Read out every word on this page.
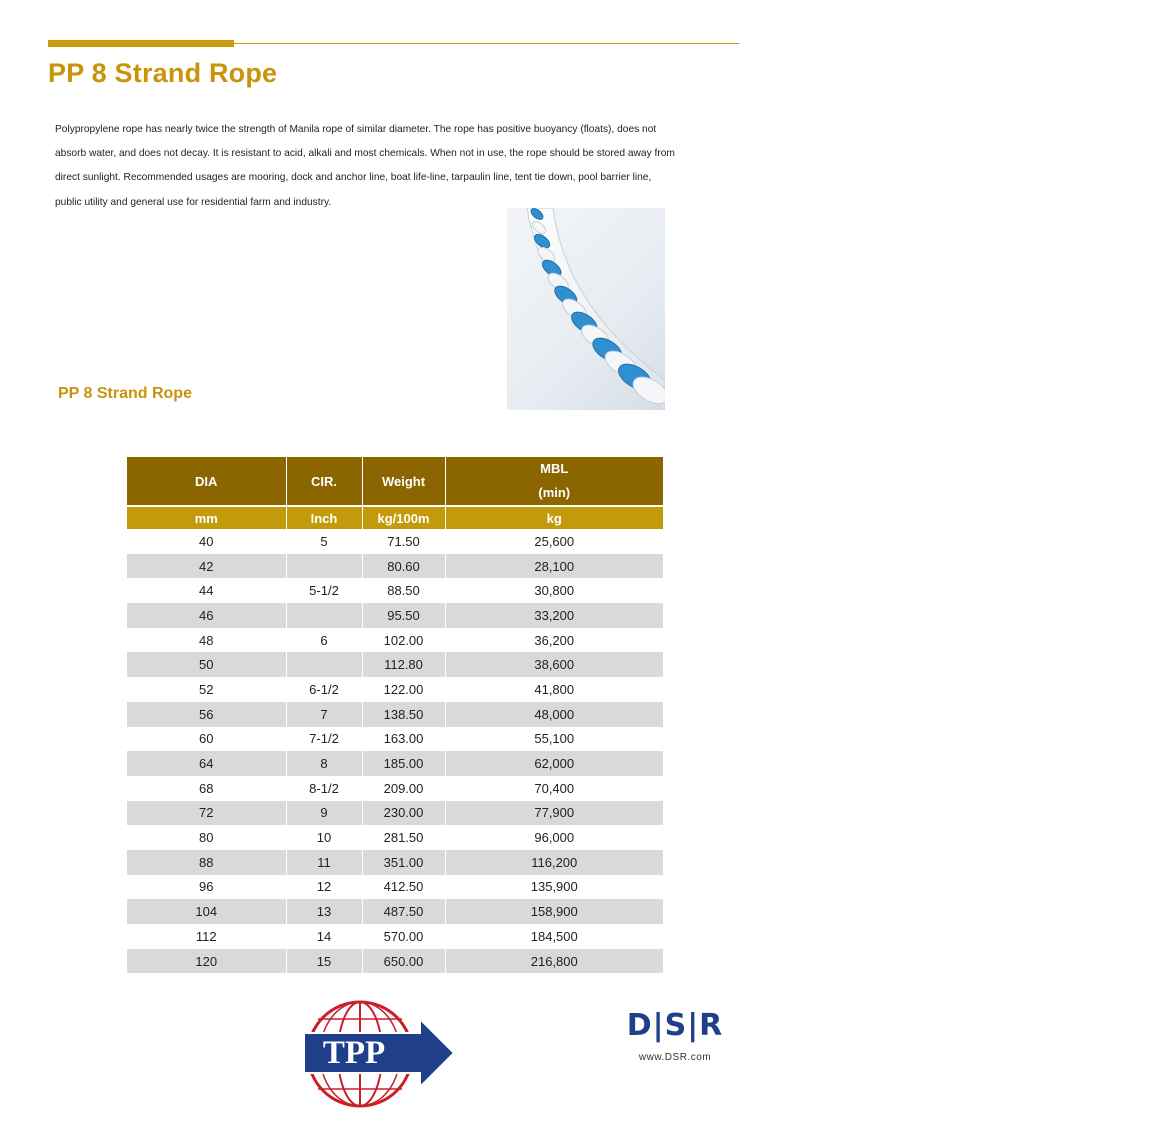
PP 8 Strand Rope

Polypropylene rope has nearly twice the strength of Manila rope of similar diameter. The rope has positive buoyancy (floats), does not absorb water, and does not decay. It is resistant to acid, alkali and most chemicals. When not in use, the rope should be stored away from direct sunlight. Recommended usages are mooring, dock and anchor line, boat life-line, tarpaulin line, tent tie down, pool barrier line, public utility and general use for residential farm and industry.

PP 8 Strand Rope
DIA	CIR.	Weight	MBL
(min)

mm	Inch	kg/100m	kg
40	5	71.50	25,600
42		80.60	28,100
44	5-1/2	88.50	30,800
46		95.50	33,200
48	6	102.00	36,200
50		112.80	38,600
52	6-1/2	122.00	41,800
56	7	138.50	48,000
60	7-1/2	163.00	55,100
64	8	185.00	62,000
68	8-1/2	209.00	70,400
72	9	230.00	77,900
80	10	281.50	96,000
88	11	351.00	116,200
96	12	412.50	135,900
104	13	487.50	158,900
112	14	570.00	184,500
120	15	650.00	216,800
TPP
D|S|R
www.DSR.com
